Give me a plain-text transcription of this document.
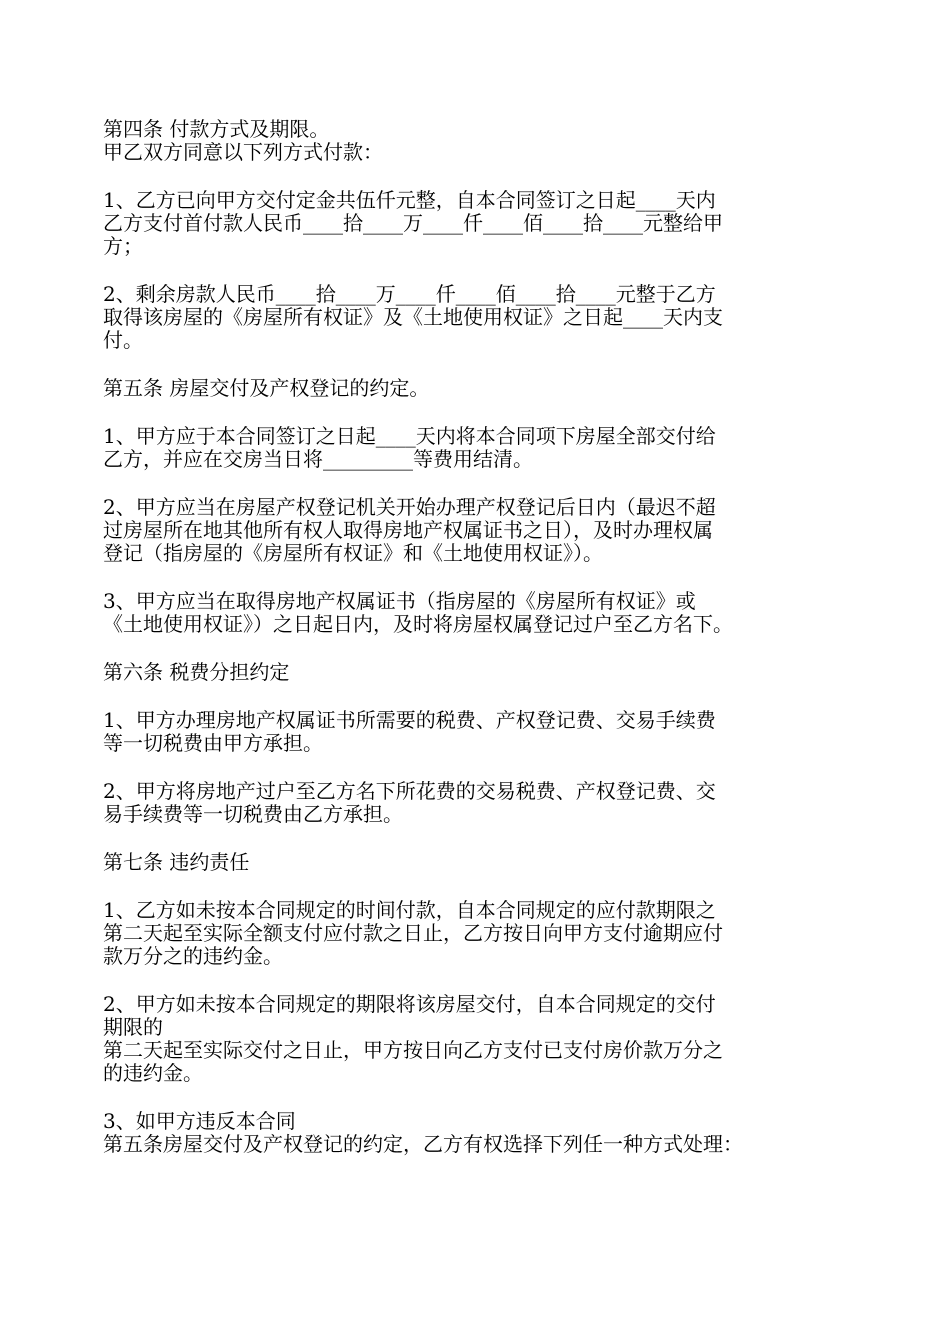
第四条 付款方式及期限。
甲乙双方同意以下列方式付款：
1、乙方已向甲方交付定金共伍仟元整，自本合同签订之日起____天内
乙方支付首付款人民币____拾____万____仟____佰____拾____元整给甲
方；
2、剩余房款人民币____拾____万____仟____佰____拾____元整于乙方
取得该房屋的《房屋所有权证》及《土地使用权证》之日起____天内支
付。
第五条 房屋交付及产权登记的约定。
1、甲方应于本合同签订之日起____天内将本合同项下房屋全部交付给
乙方，并应在交房当日将_________等费用结清。
2、甲方应当在房屋产权登记机关开始办理产权登记后日内（最迟不超
过房屋所在地其他所有权人取得房地产权属证书之日），及时办理权属
登记（指房屋的《房屋所有权证》和《土地使用权证》）。
3、甲方应当在取得房地产权属证书（指房屋的《房屋所有权证》或
《土地使用权证》）之日起日内，及时将房屋权属登记过户至乙方名下。
第六条 税费分担约定
1、甲方办理房地产权属证书所需要的税费、产权登记费、交易手续费
等一切税费由甲方承担。
2、甲方将房地产过户至乙方名下所花费的交易税费、产权登记费、交
易手续费等一切税费由乙方承担。
第七条 违约责任
1、乙方如未按本合同规定的时间付款，自本合同规定的应付款期限之
第二天起至实际全额支付应付款之日止，乙方按日向甲方支付逾期应付
款万分之的违约金。
2、甲方如未按本合同规定的期限将该房屋交付，自本合同规定的交付
期限的
第二天起至实际交付之日止，甲方按日向乙方支付已支付房价款万分之
的违约金。
3、如甲方违反本合同
第五条房屋交付及产权登记的约定，乙方有权选择下列任一种方式处理：
